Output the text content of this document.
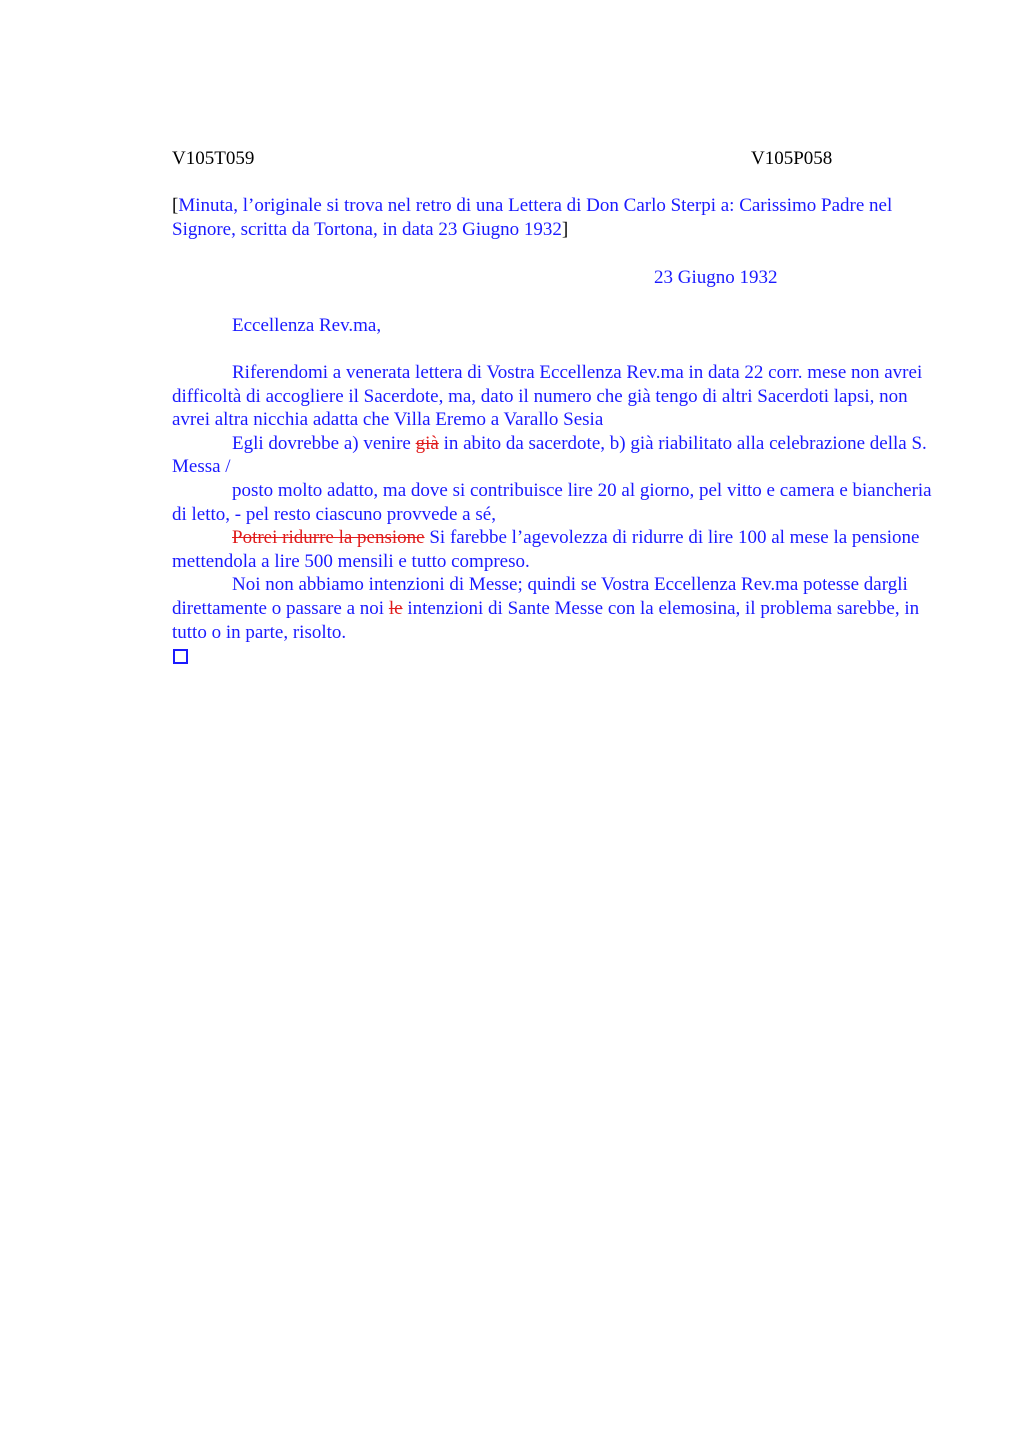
V105T059	V105P058
[Minuta, l’originale si trova nel retro di una Lettera di Don Carlo Sterpi a: Carissimo Padre nel Signore, scritta da Tortona, in data 23 Giugno 1932]
23 Giugno 1932
Eccellenza Rev.ma,

Riferendomi a venerata lettera di Vostra Eccellenza Rev.ma in data 22 corr. mese non avrei difficoltà di accogliere il Sacerdote, ma, dato il numero che già tengo di altri Sacerdoti lapsi, non avrei altra nicchia adatta che Villa Eremo a Varallo Sesia

Egli dovrebbe a) venire già in abito da sacerdote, b) già riabilitato alla celebrazione della S. Messa /

posto molto adatto, ma dove si contribuisce lire 20 al giorno, pel vitto e camera e biancheria di letto, - pel resto ciascuno provvede a sé,

Potrei ridurre la pensione Si farebbe l’agevolezza di ridurre di lire 100 al mese la pensione mettendola a lire 500 mensili e tutto compreso.

Noi non abbiamo intenzioni di Messe; quindi se Vostra Eccellenza Rev.ma potesse dargli direttamente o passare a noi le intenzioni di Sante Messe con la elemosina, il problema sarebbe, in tutto o in parte, risolto.
